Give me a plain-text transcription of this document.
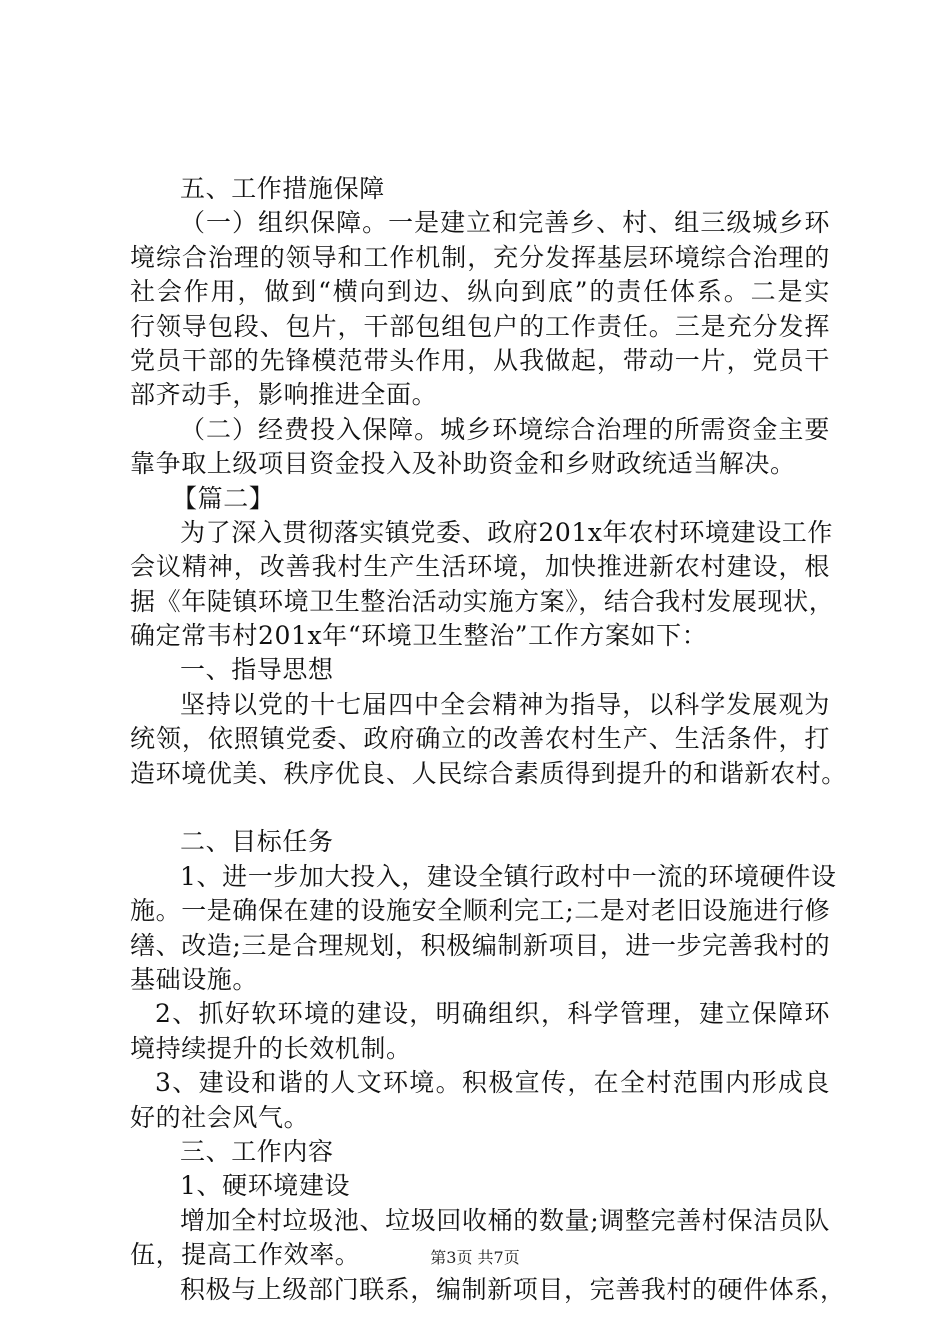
五、工作措施保障
（一）组织保障。一是建立和完善乡、村、组三级城乡环
境综合治理的领导和工作机制，充分发挥基层环境综合治理的
社会作用，做到“横向到边、纵向到底”的责任体系。二是实
行领导包段、包片，干部包组包户的工作责任。三是充分发挥
党员干部的先锋模范带头作用，从我做起，带动一片，党员干
部齐动手，影响推进全面。
（二）经费投入保障。城乡环境综合治理的所需资金主要
靠争取上级项目资金投入及补助资金和乡财政统适当解决。
【篇二】
为了深入贯彻落实镇党委、政府201x年农村环境建设工作
会议精神，改善我村生产生活环境，加快推进新农村建设，根
据《年陡镇环境卫生整治活动实施方案》，结合我村发展现状，
确定常韦村201x年“环境卫生整治”工作方案如下：
一、指导思想
坚持以党的十七届四中全会精神为指导，以科学发展观为
统领，依照镇党委、政府确立的改善农村生产、生活条件，打
造环境优美、秩序优良、人民综合素质得到提升的和谐新农村。
二、目标任务
1、进一步加大投入，建设全镇行政村中一流的环境硬件设
施。一是确保在建的设施安全顺利完工;二是对老旧设施进行修
缮、改造;三是合理规划，积极编制新项目，进一步完善我村的
基础设施。
2、抓好软环境的建设，明确组织，科学管理，建立保障环
境持续提升的长效机制。
3、建设和谐的人文环境。积极宣传，在全村范围内形成良
好的社会风气。
三、工作内容
1、硬环境建设
增加全村垃圾池、垃圾回收桶的数量;调整完善村保洁员队
伍，提高工作效率。
积极与上级部门联系，编制新项目，完善我村的硬件体系，
第3页 共7页
